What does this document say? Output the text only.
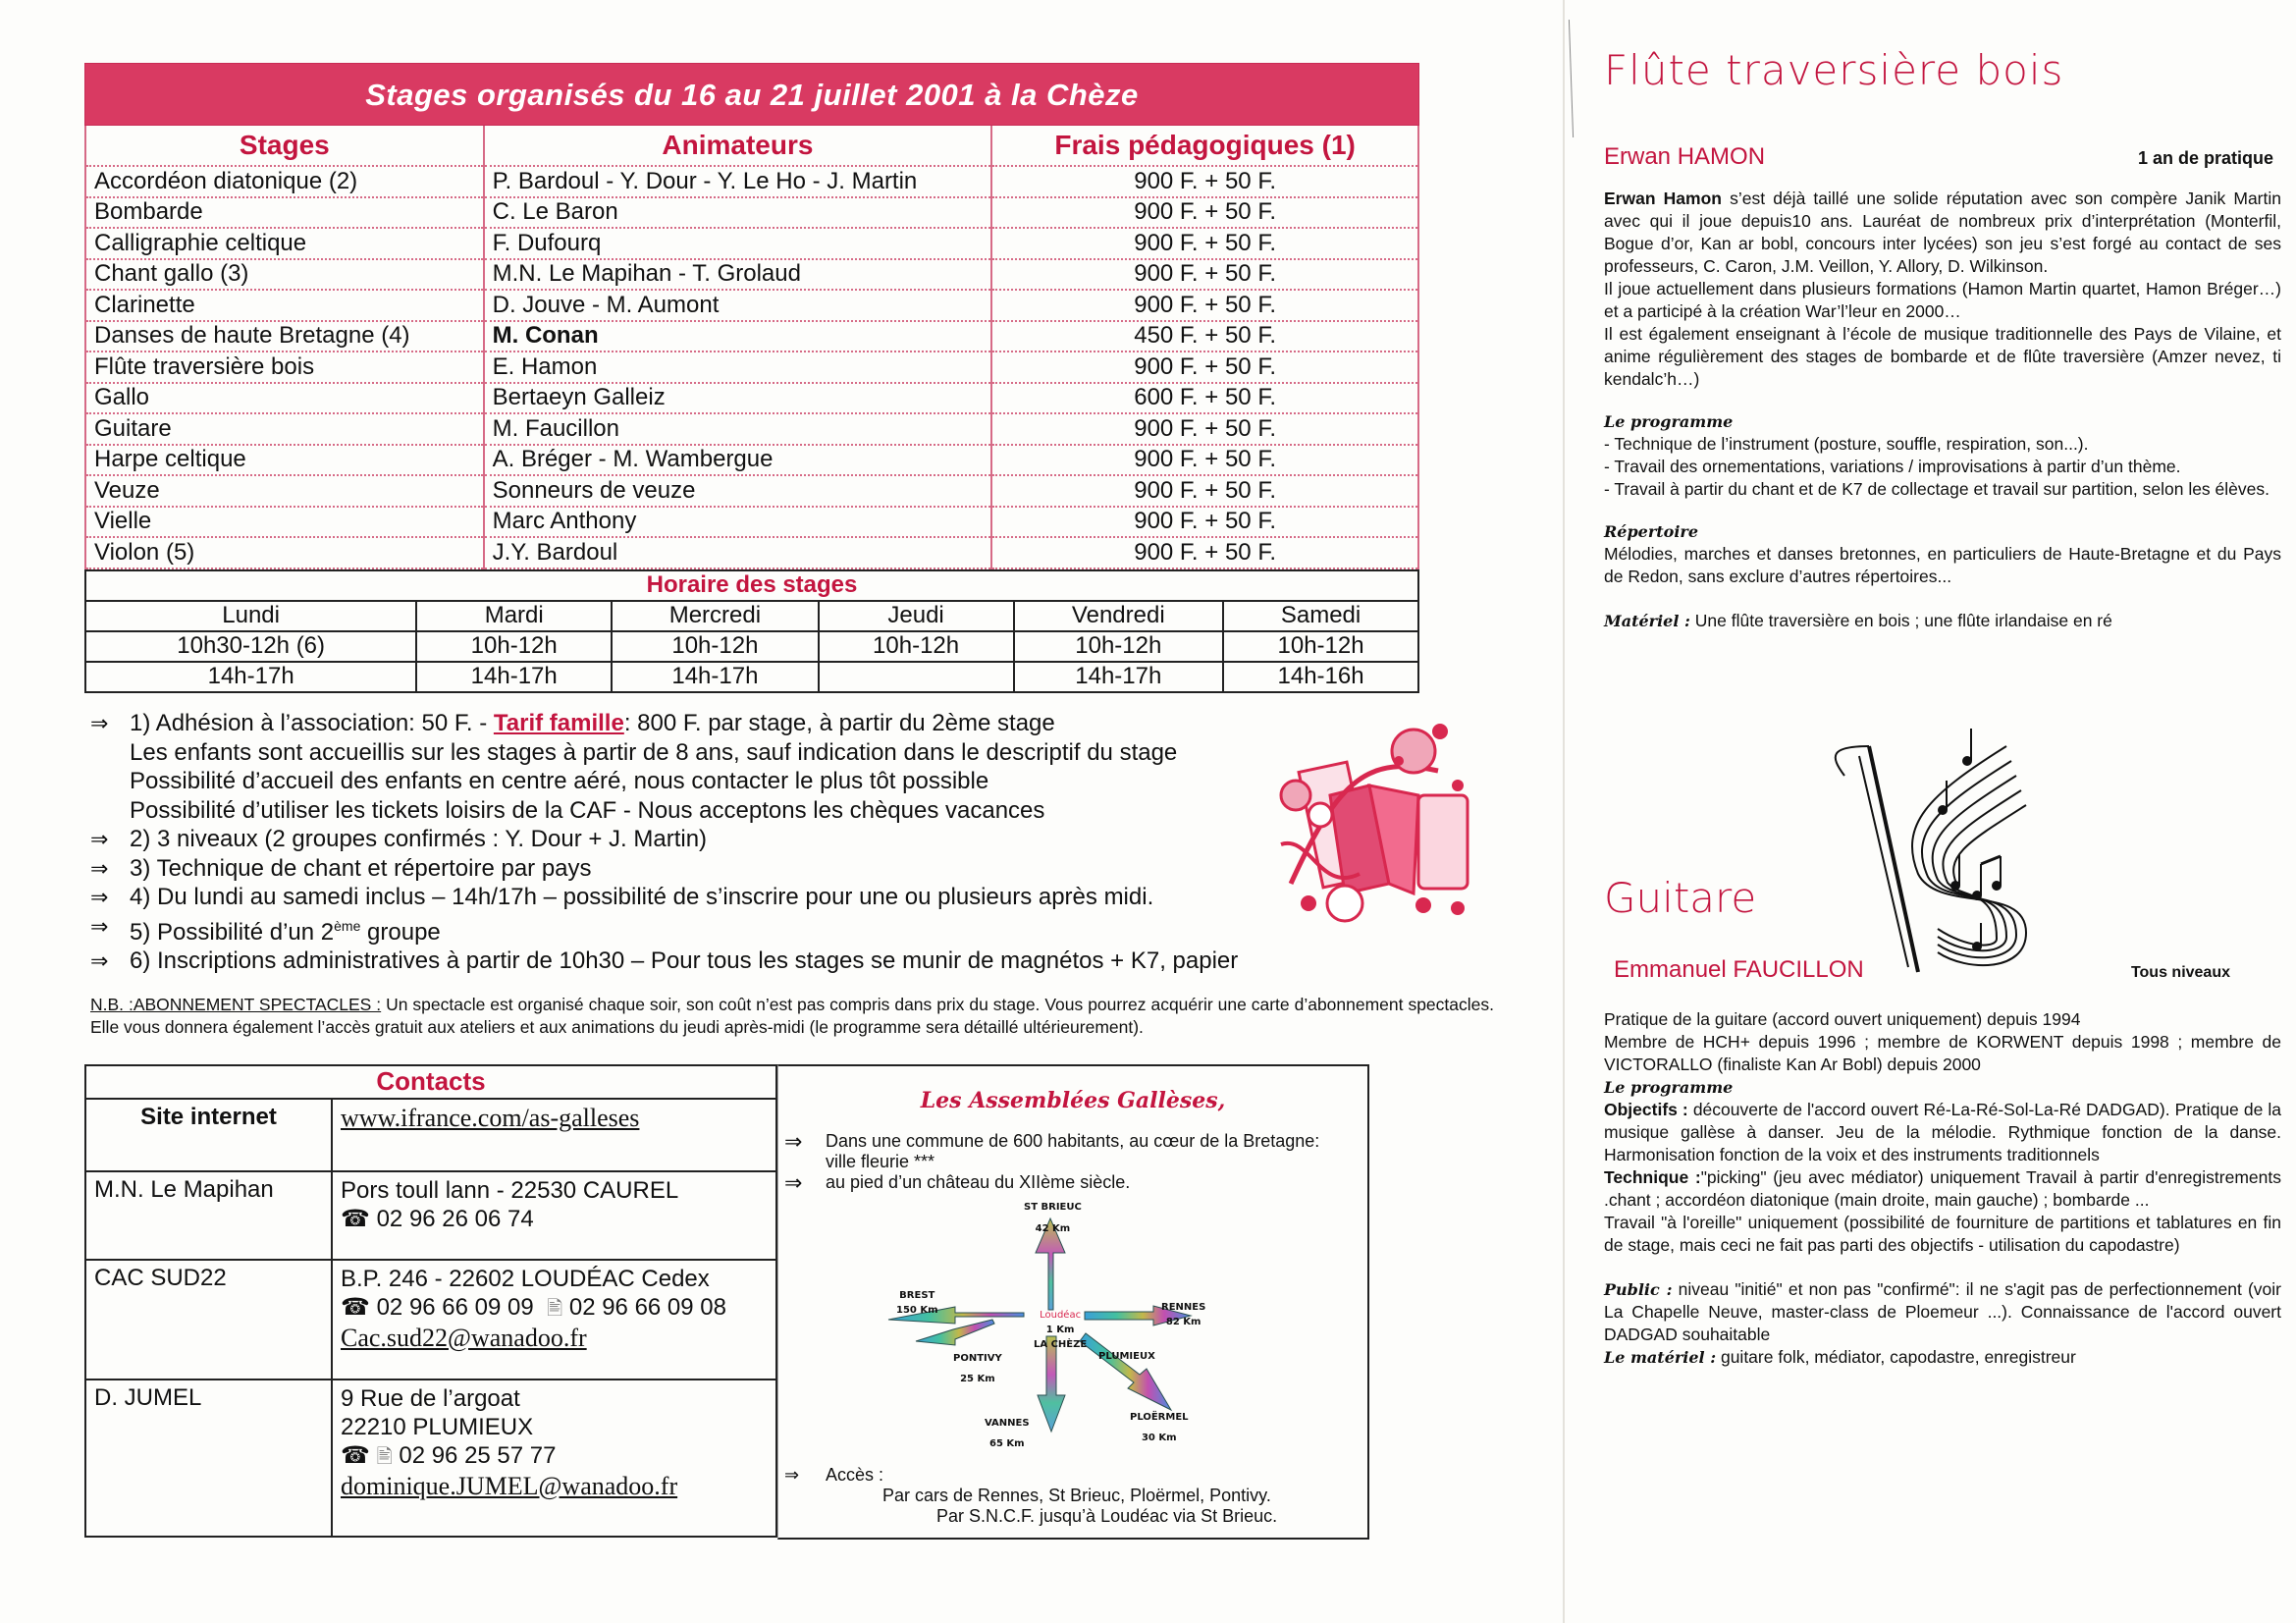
Stages organisés du 16 au 21 juillet 2001 à la Chèze
Stages	Animateurs	Frais pédagogiques (1)
Accordéon diatonique (2)	P. Bardoul - Y. Dour - Y. Le Ho - J. Martin	900 F. + 50 F.
Bombarde	C. Le Baron	900 F. + 50 F.
Calligraphie celtique	F. Dufourq	900 F. + 50 F.
Chant gallo (3)	M.N. Le Mapihan - T. Grolaud	900 F. + 50 F.
Clarinette	D. Jouve - M. Aumont	900 F. + 50 F.
Danses de haute Bretagne (4)	M. Conan	450 F. + 50 F.
Flûte traversière bois	E. Hamon	900 F. + 50 F.
Gallo	Bertaeyn Galleiz	600 F. + 50 F.
Guitare	M. Faucillon	900 F. + 50 F.
Harpe celtique	A. Bréger - M. Wambergue	900 F. + 50 F.
Veuze	Sonneurs de veuze	900 F. + 50 F.
Vielle	Marc Anthony	900 F. + 50 F.
Violon (5)	J.Y. Bardoul	900 F. + 50 F.
Horaire des stages					
Lundi	Mardi	Mercredi	Jeudi	Vendredi	Samedi
10h30-12h (6)	10h-12h	10h-12h	10h-12h	10h-12h	10h-12h
14h-17h	14h-17h	14h-17h		14h-17h	14h-16h
⇒ 1) Adhésion à l’association: 50 F. - Tarif famille: 800 F. par stage, à partir du 2ème stage
Les enfants sont accueillis sur les stages à partir de 8 ans, sauf indication dans le descriptif du stage
Possibilité d’accueil des enfants en centre aéré, nous contacter le plus tôt possible
Possibilité d’utiliser les tickets loisirs de la CAF - Nous acceptons les chèques vacances
⇒ 2) 3 niveaux (2 groupes confirmés : Y. Dour + J. Martin)
⇒ 3) Technique de chant et répertoire par pays
⇒ 4) Du lundi au samedi inclus – 14h/17h – possibilité de s’inscrire pour une ou plusieurs après midi.
⇒ 5) Possibilité d’un 2ème groupe
⇒ 6) Inscriptions administratives à partir de 10h30 – Pour tous les stages se munir de magnétos + K7, papier
N.B. :ABONNEMENT SPECTACLES : Un spectacle est organisé chaque soir, son coût n’est pas compris dans prix du stage. Vous pourrez acquérir une carte d’abonnement spectacles. Elle vous donnera également l’accès gratuit aux ateliers et aux animations du jeudi après-midi (le programme sera détaillé ultérieurement).
Contacts	
Site internet	www.ifrance.com/as-galleses
M.N. Le Mapihan	Pors toull lann - 22530 CAUREL
☎ 02 96 26 06 74

CAC SUD22	B.P. 246 - 22602 LOUDÉAC Cedex
☎ 02 96 66 09 09 🖹 02 96 66 09 08
Cac.sud22@wanadoo.fr

D. JUMEL	9 Rue de l’argoat
22210 PLUMIEUX
☎ 🖹 02 96 25 57 77
dominique.JUMEL@wanadoo.fr
Les Assemblées Gallèses,
⇒	Dans une commune de 600 habitants, au cœur de la Bretagne: ville fleurie ***
⇒	au pied d’un château du XIIème siècle.
ST BRIEUC
42 Km
BREST
150 Km	RENNES
82 Km
Loudéac
1 Km
LA CHÈZE
PONTIVY
25 Km
PLUMIEUX
VANNES
65 Km
PLOËRMEL
30 Km
⇒	Accès :
Par cars de Rennes, St Brieuc, Ploërmel, Pontivy.
Par S.N.C.F. jusqu’à Loudéac via St Brieuc.
Flûte traversière bois
Erwan HAMON	1 an de pratique
Erwan Hamon s’est déjà taillé une solide réputation avec son compère Janik Martin avec qui il joue depuis10 ans. Lauréat de nombreux prix d’interprétation (Monterfil, Bogue d’or, Kan ar bobl, concours inter lycées) son jeu s’est forgé au contact de ses professeurs, C. Caron, J.M. Veillon, Y. Allory, D. Wilkinson.
Il joue actuellement dans plusieurs formations (Hamon Martin quartet, Hamon Bréger…) et a participé à la création War’l’leur en 2000…
Il est également enseignant à l’école de musique traditionnelle des Pays de Vilaine, et anime régulièrement des stages de bombarde et de flûte traversière (Amzer nevez, ti kendalc’h…)
Le programme
- Technique de l’instrument (posture, souffle, respiration, son...).
- Travail des ornementations, variations / improvisations à partir d’un thème.
- Travail à partir du chant et de K7 de collectage et travail sur partition, selon les élèves.
Répertoire
Mélodies, marches et danses bretonnes, en particuliers de Haute-Bretagne et du Pays de Redon, sans exclure d’autres répertoires...
Matériel : Une flûte traversière en bois ; une flûte irlandaise en ré
Guitare
Emmanuel FAUCILLON	Tous niveaux
Pratique de la guitare (accord ouvert uniquement) depuis 1994
Membre de HCH+ depuis 1996 ; membre de KORWENT depuis 1998 ; membre de VICTORALLO (finaliste Kan Ar Bobl) depuis 2000
Le programme
Objectifs : découverte de l'accord ouvert Ré-La-Ré-Sol-La-Ré DADGAD). Pratique de la musique gallèse à danser. Jeu de la mélodie. Rythmique fonction de la danse. Harmonisation fonction de la voix et des instruments traditionnels
Technique :"picking" (jeu avec médiator) uniquement Travail à partir d'enregistrements .chant ; accordéon diatonique (main droite, main gauche) ; bombarde ...
Travail "à l'oreille" uniquement (possibilité de fourniture de partitions et tablatures en fin de stage, mais ceci ne fait pas parti des objectifs - utilisation du capodastre)
Public : niveau "initié" et non pas "confirmé": il ne s'agit pas de perfectionnement (voir La Chapelle Neuve, master-class de Ploemeur ...). Connaissance de l'accord ouvert DADGAD souhaitable
Le matériel : guitare folk, médiator, capodastre, enregistreur
